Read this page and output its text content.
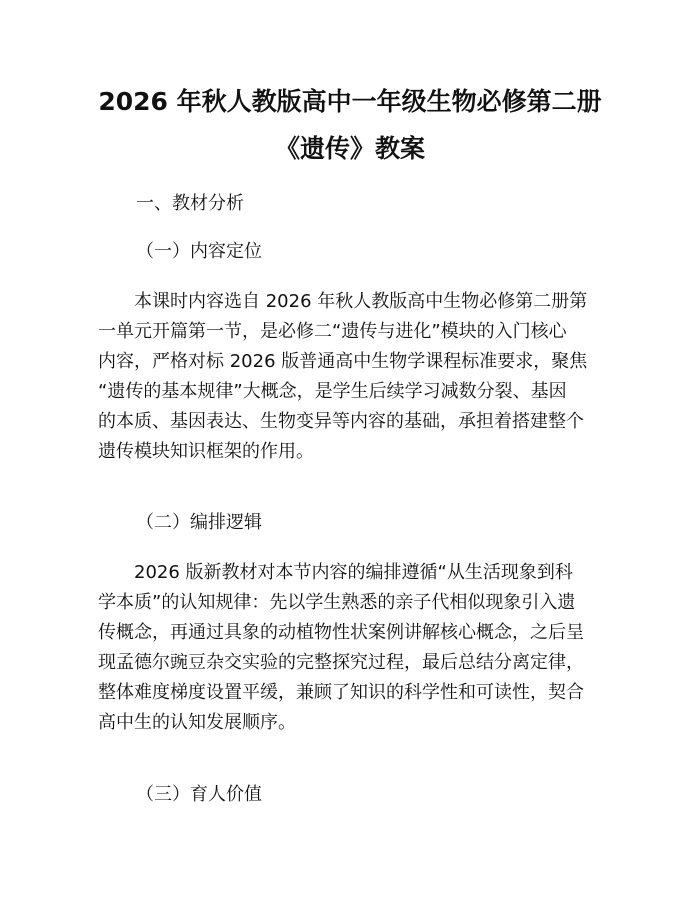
2026 年秋人教版高中一年级生物必修第二册
《遗传》教案
一、教材分析
（一）内容定位
本课时内容选自 2026 年秋人教版高中生物必修第二册第
一单元开篇第一节，是必修二“遗传与进化”模块的入门核心
内容，严格对标 2026 版普通高中生物学课程标准要求，聚焦
“遗传的基本规律”大概念，是学生后续学习减数分裂、基因
的本质、基因表达、生物变异等内容的基础，承担着搭建整个
遗传模块知识框架的作用。
（二）编排逻辑
2026 版新教材对本节内容的编排遵循“从生活现象到科
学本质”的认知规律：先以学生熟悉的亲子代相似现象引入遗
传概念，再通过具象的动植物性状案例讲解核心概念，之后呈
现孟德尔豌豆杂交实验的完整探究过程，最后总结分离定律，
整体难度梯度设置平缓，兼顾了知识的科学性和可读性，契合
高中生的认知发展顺序。
（三）育人价值
